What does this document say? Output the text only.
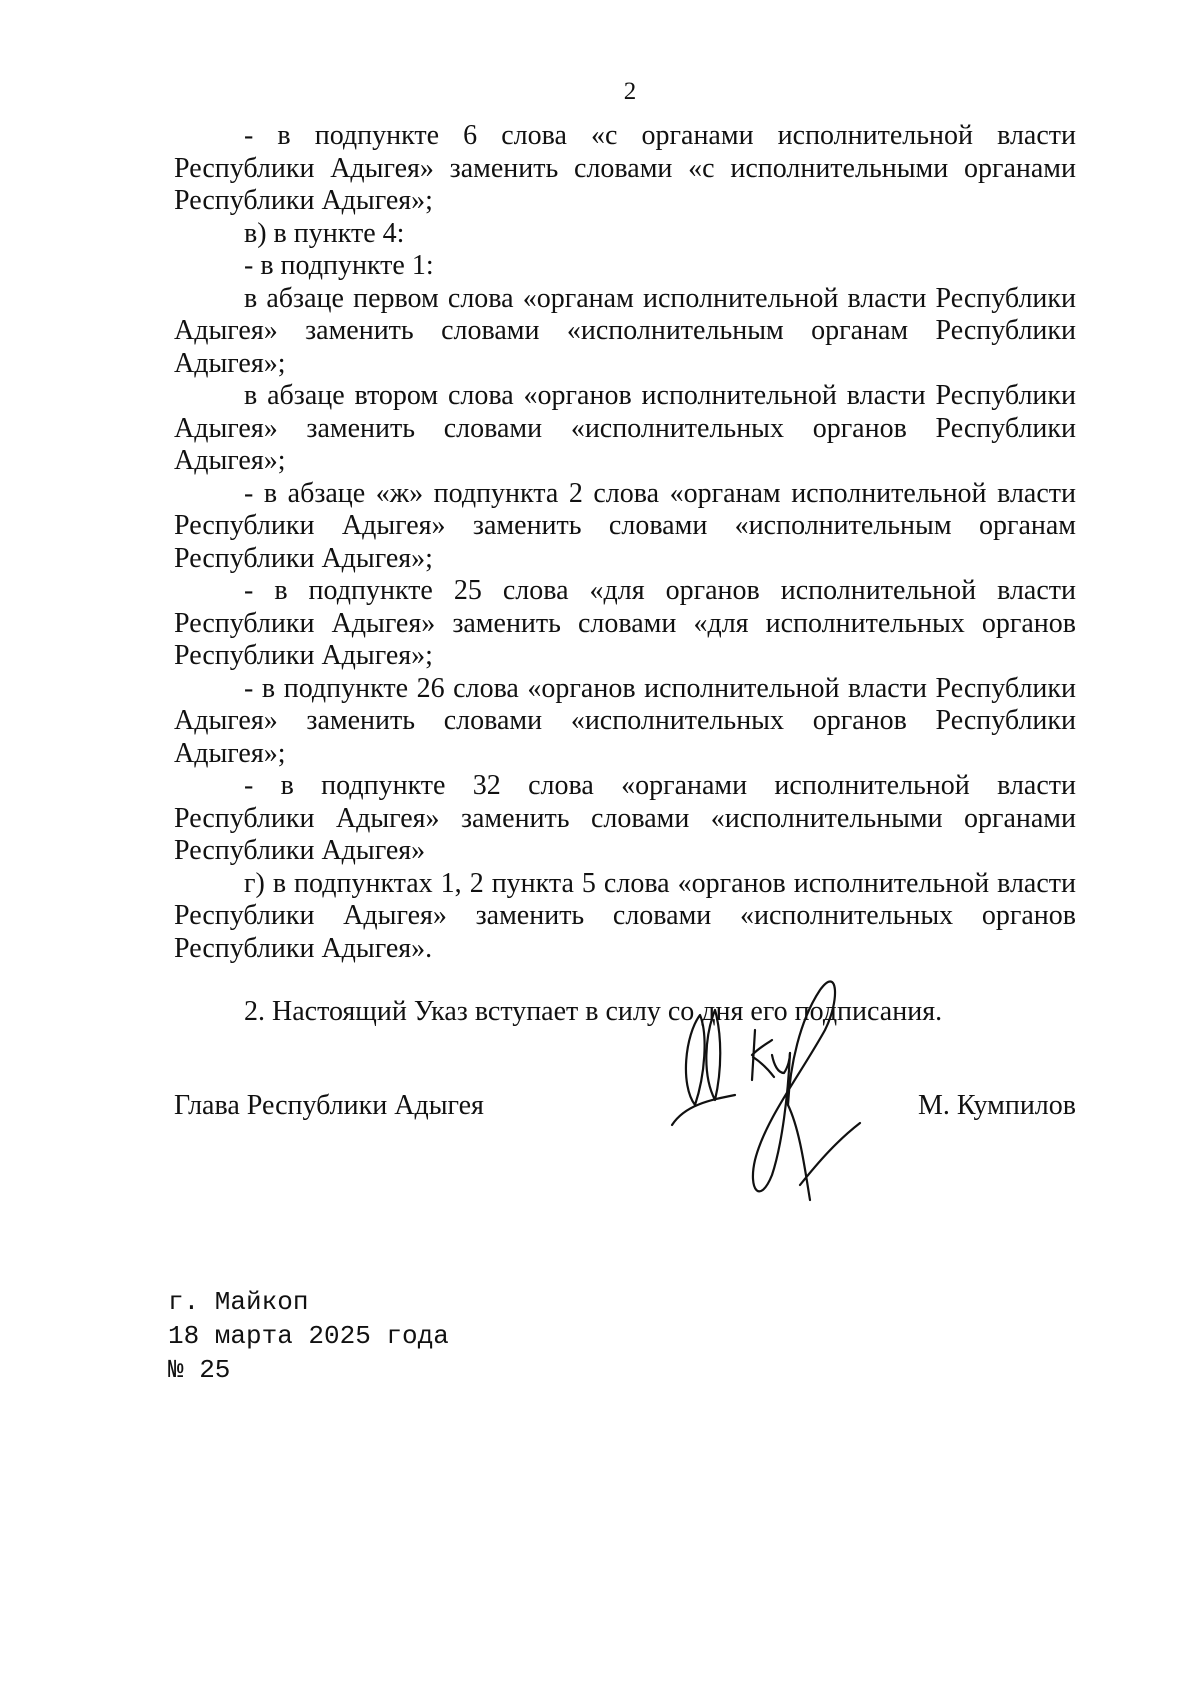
2

- в подпункте 6 слова «с органами исполнительной власти Республики Адыгея» заменить словами «с исполнительными органами Республики Адыгея»;

в) в пункте 4:

- в подпункте 1:

в абзаце первом слова «органам исполнительной власти Республики Адыгея» заменить словами «исполнительным органам Республики Адыгея»;

в абзаце втором слова «органов исполнительной власти Республики Адыгея» заменить словами «исполнительных органов Республики Адыгея»;

- в абзаце «ж» подпункта 2 слова «органам исполнительной власти Республики Адыгея» заменить словами «исполнительным органам Республики Адыгея»;

- в подпункте 25 слова «для органов исполнительной власти Республики Адыгея» заменить словами «для исполнительных органов Республики Адыгея»;

- в подпункте 26 слова «органов исполнительной власти Республики Адыгея» заменить словами «исполнительных органов Республики Адыгея»;

- в подпункте 32 слова «органами исполнительной власти Республики Адыгея» заменить словами «исполнительными органами Республики Адыгея»

г) в подпунктах 1, 2 пункта 5 слова «органов исполнительной власти Республики Адыгея» заменить словами «исполнительных органов Республики Адыгея».

2. Настоящий Указ вступает в силу со дня его подписания.

Глава Республики Адыгея	М. Кумпилов
г. Майкоп
18 марта 2025 года
№ 25
